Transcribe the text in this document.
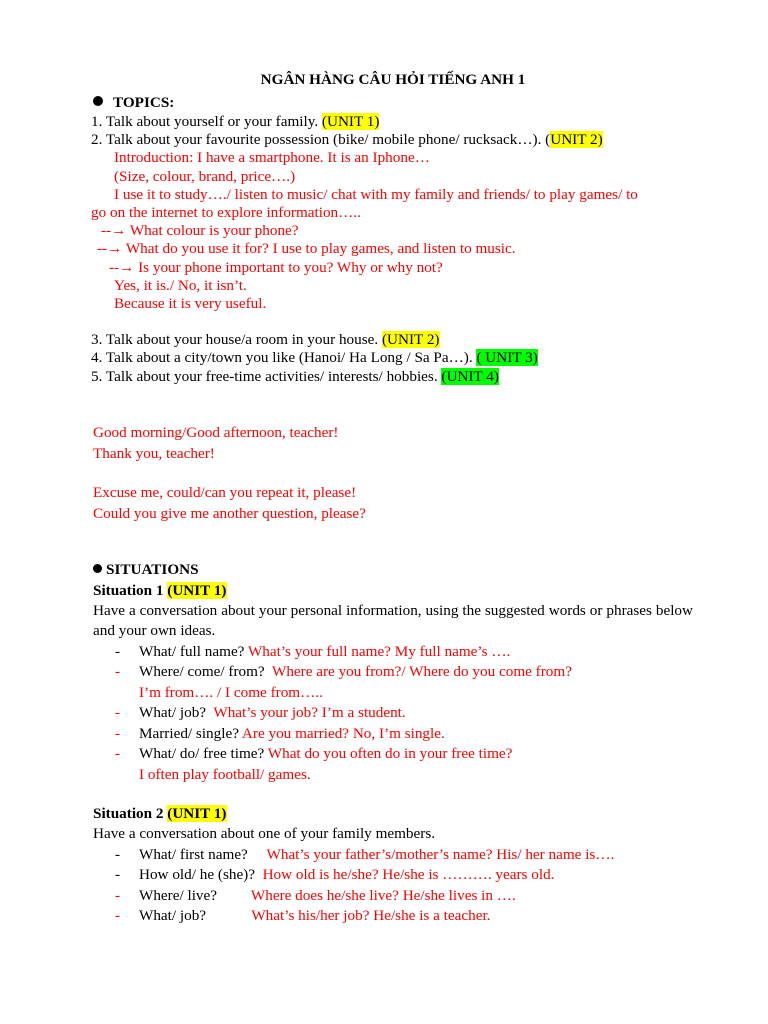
NGÂN HÀNG CÂU HỎI TIẾNG ANH 1

TOPICS:

1. Talk about yourself or your family. (UNIT 1)

2. Talk about your favourite possession (bike/ mobile phone/ rucksack…). (UNIT 2)

Introduction: I have a smartphone. It is an Iphone…

(Size, colour, brand, price….)

I use it to study…./ listen to music/ chat with my family and friends/ to play games/ to

go on the internet to explore information…..

--→ What colour is your phone?

--→ What do you use it for? I use to play games, and listen to music.

--→ Is your phone important to you? Why or why not?

Yes, it is./ No, it isn’t.

Because it is very useful.

3. Talk about your house/a room in your house. (UNIT 2)

4. Talk about a city/town you like (Hanoi/ Ha Long / Sa Pa…). ( UNIT 3)

5. Talk about your free-time activities/ interests/ hobbies. (UNIT 4)

Good morning/Good afternoon, teacher!

Thank you, teacher!

Excuse me, could/can you repeat it, please!

Could you give me another question, please?

SITUATIONS

Situation 1 (UNIT 1)

Have a conversation about your personal information, using the suggested words or phrases below and your own ideas.

- What/ full name? What’s your full name? My full name’s ….

- Where/ come/ from?  Where are you from?/ Where do you come from?

I’m from…. / I come from…..

- What/ job?  What’s your job? I’m a student.

- Married/ single? Are you married? No, I’m single.

- What/ do/ free time? What do you often do in your free time?

I often play football/ games.

Situation 2 (UNIT 1)

Have a conversation about one of your family members.

- What/ first name?     What’s your father’s/mother’s name? His/ her name is….

- How old/ he (she)?  How old is he/she? He/she is ………. years old.

- Where/ live?         Where does he/she live? He/she lives in ….

- What/ job?            What’s his/her job? He/she is a teacher.
